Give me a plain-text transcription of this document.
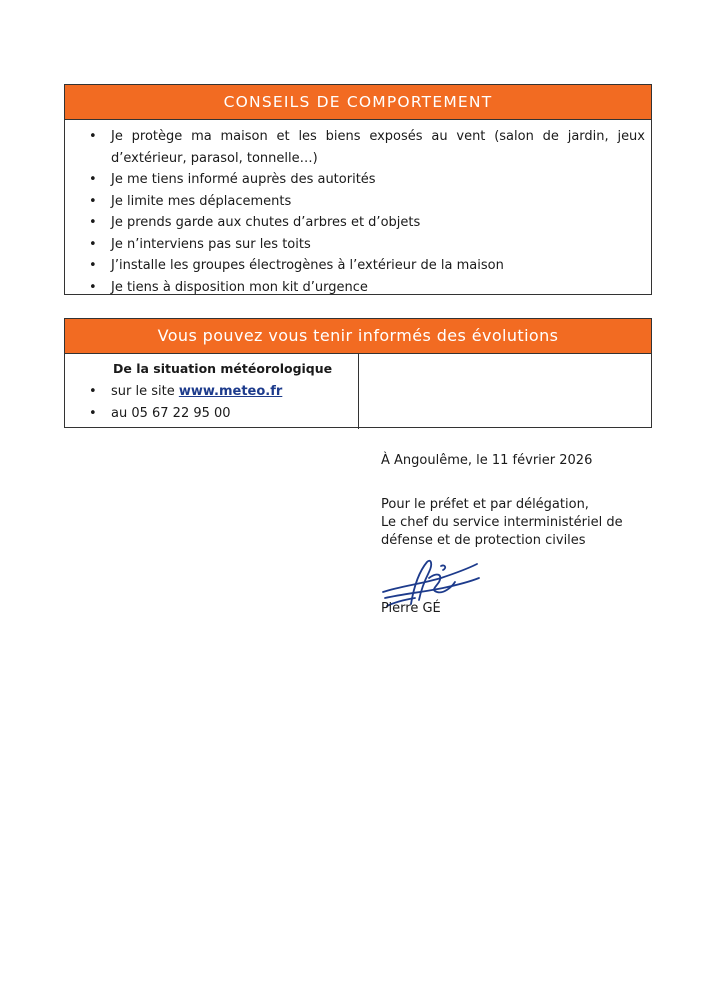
CONSEILS DE COMPORTEMENT
• Je protège ma maison et les biens exposés au vent (salon de jardin, jeux d’extérieur, parasol, tonnelle…)
• Je me tiens informé auprès des autorités
• Je limite mes déplacements
• Je prends garde aux chutes d’arbres et d’objets
• Je n’interviens pas sur les toits
• J’installe les groupes électrogènes à l’extérieur de la maison
• Je tiens à disposition mon kit d’urgence
Vous pouvez vous tenir informés des évolutions
De la situation météorologique
• sur le site www.meteo.fr
• au 05 67 22 95 00
À Angoulême, le 11 février 2026
Pour le préfet et par délégation,
Le chef du service interministériel de
défense et de protection civiles
Pierre GÉ
